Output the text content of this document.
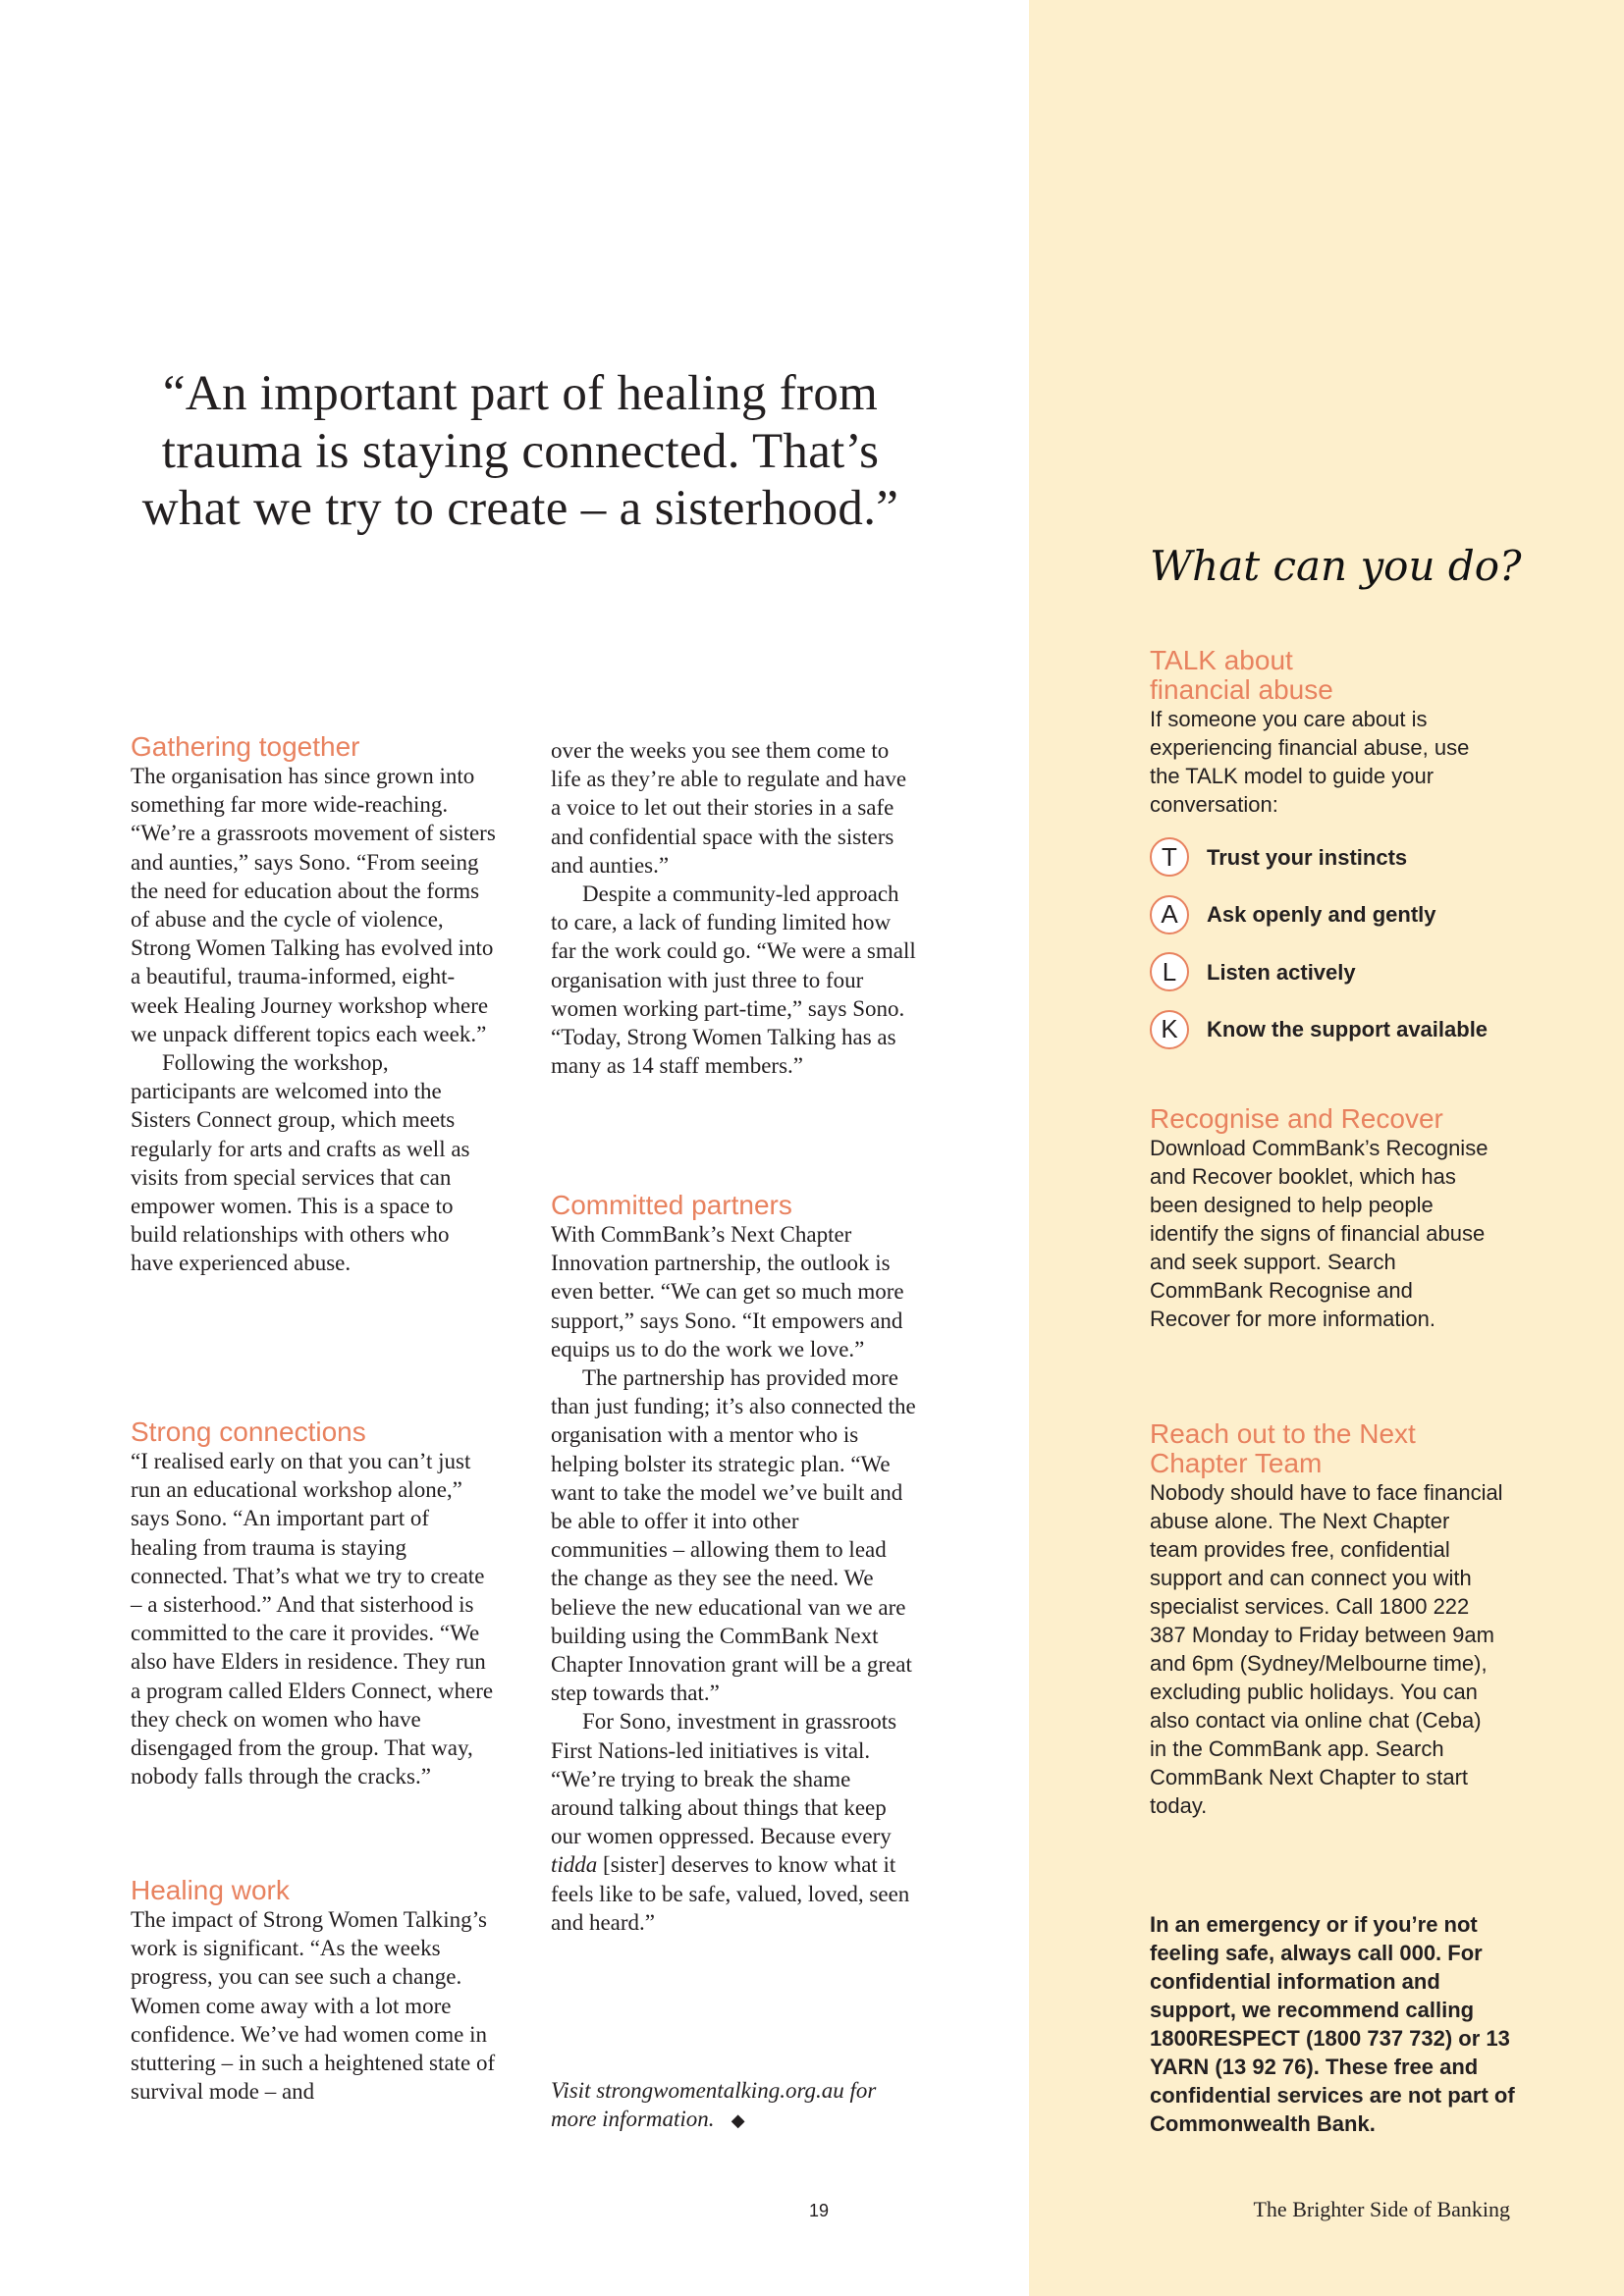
“An important part of healing from trauma is staying connected. That’s what we try to create – a sisterhood.”
Gathering together

The organisation has since grown into something far more wide-reaching. “We’re a grassroots movement of sisters and aunties,” says Sono. “From seeing the need for education about the forms of abuse and the cycle of violence, Strong Women Talking has evolved into a beautiful, trauma-informed, eight-week Healing Journey workshop where we unpack different topics each week.”

Following the workshop, participants are welcomed into the Sisters Connect group, which meets regularly for arts and crafts as well as visits from special services that can empower women. This is a space to build relationships with others who have experienced abuse.

Strong connections

“I realised early on that you can’t just run an educational workshop alone,” says Sono. “An important part of healing from trauma is staying connected. That’s what we try to create – a sisterhood.” And that sisterhood is committed to the care it provides. “We also have Elders in residence. They run a program called Elders Connect, where they check on women who have disengaged from the group. That way, nobody falls through the cracks.”

Healing work

The impact of Strong Women Talking’s work is significant. “As the weeks progress, you can see such a change. Women come away with a lot more confidence. We’ve had women come in stuttering – in such a heightened state of survival mode – and

over the weeks you see them come to life as they’re able to regulate and have a voice to let out their stories in a safe and confidential space with the sisters and aunties.”

Despite a community-led approach to care, a lack of funding limited how far the work could go. “We were a small organisation with just three to four women working part-time,” says Sono. “Today, Strong Women Talking has as many as 14 staff members.”

Committed partners

With CommBank’s Next Chapter Innovation partnership, the outlook is even better. “We can get so much more support,” says Sono. “It empowers and equips us to do the work we love.”

The partnership has provided more than just funding; it’s also connected the organisation with a mentor who is helping bolster its strategic plan. “We want to take the model we’ve built and be able to offer it into other communities – allowing them to lead the change as they see the need. We believe the new educational van we are building using the CommBank Next Chapter Innovation grant will be a great step towards that.”

For Sono, investment in grassroots First Nations-led initiatives is vital. “We’re trying to break the shame around talking about things that keep our women oppressed. Because every tidda [sister] deserves to know what it feels like to be safe, valued, loved, seen and heard.”

Visit strongwomentalking.org.au for more information. ◆
What can you do?
TALK about financial abuse

If someone you care about is experiencing financial abuse, use the TALK model to guide your conversation:

T	Trust your instincts
A	Ask openly and gently
L	Listen actively
K	Know the support available
Recognise and Recover

Download CommBank’s Recognise and Recover booklet, which has been designed to help people identify the signs of financial abuse and seek support. Search CommBank Recognise and Recover for more information.

Reach out to the Next Chapter Team

Nobody should have to face financial abuse alone. The Next Chapter team provides free, confidential support and can connect you with specialist services. Call 1800 222 387 Monday to Friday between 9am and 6pm (Sydney/Melbourne time), excluding public holidays. You can also contact via online chat (Ceba) in the CommBank app. Search CommBank Next Chapter to start today.

In an emergency or if you’re not feeling safe, always call 000. For confidential information and support, we recommend calling 1800RESPECT (1800 737 732) or 13 YARN (13 92 76). These free and confidential services are not part of Commonwealth Bank.

19	The Brighter Side of Banking
